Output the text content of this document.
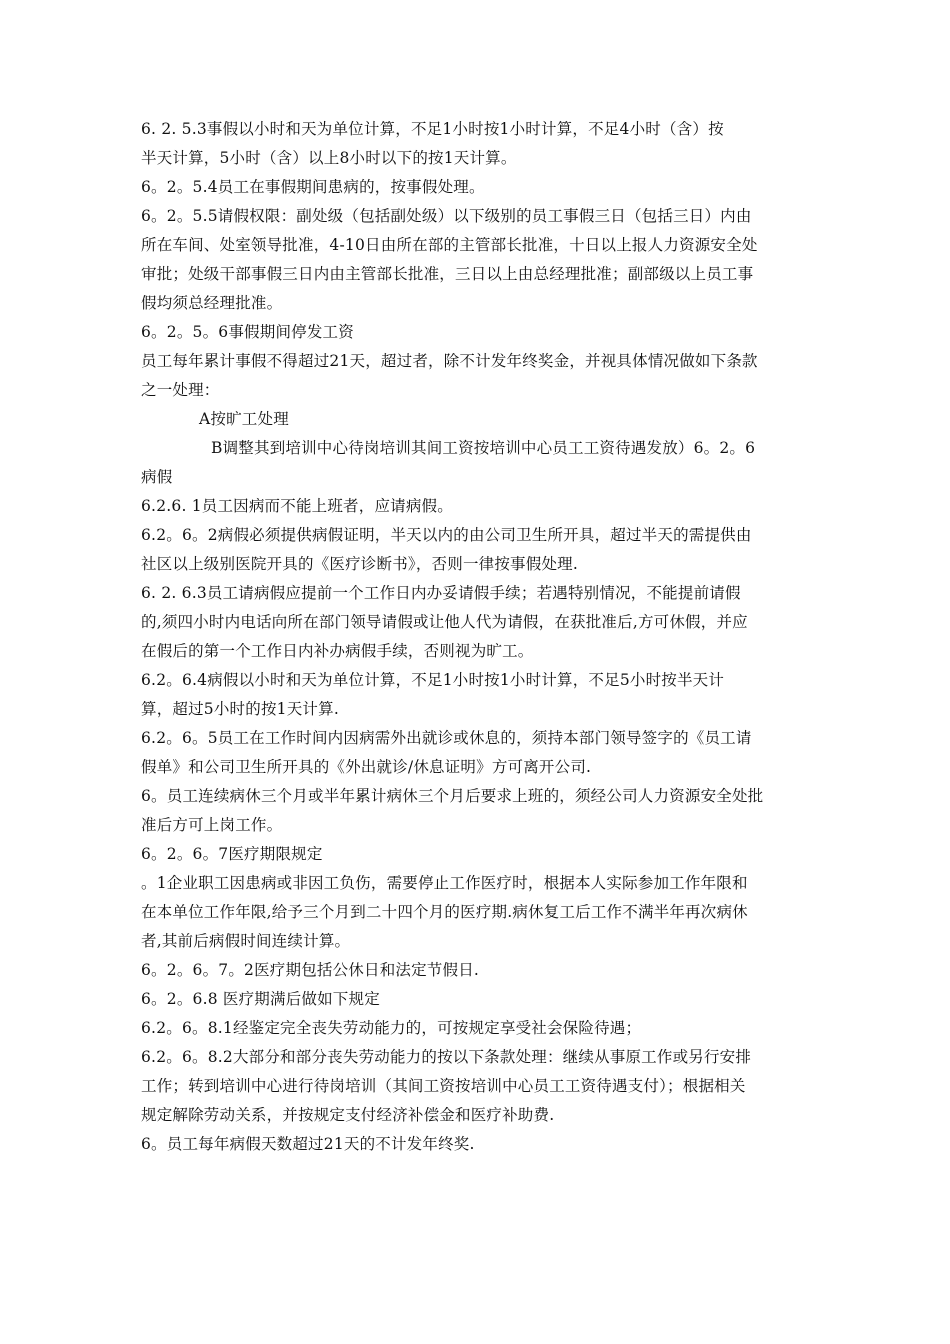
6. 2. 5.3事假以小时和天为单位计算，不足1小时按1小时计算，不足4小时（含）按
半天计算，5小时（含）以上8小时以下的按1天计算。
6。2。5.4员工在事假期间患病的，按事假处理。
6。2。5.5请假权限：副处级（包括副处级）以下级别的员工事假三日（包括三日）内由
所在车间、处室领导批准，4-10日由所在部的主管部长批准，十日以上报人力资源安全处
审批；处级干部事假三日内由主管部长批准，三日以上由总经理批准；副部级以上员工事
假均须总经理批准。
6。2。5。6事假期间停发工资
员工每年累计事假不得超过21天，超过者，除不计发年终奖金，并视具体情况做如下条款
之一处理：
A按旷工处理
B调整其到培训中心待岗培训其间工资按培训中心员工工资待遇发放）6。2。6
病假
6.2.6. 1员工因病而不能上班者，应请病假。
6.2。6。2病假必须提供病假证明，半天以内的由公司卫生所开具，超过半天的需提供由
社区以上级别医院开具的《医疗诊断书》，否则一律按事假处理.
6. 2. 6.3员工请病假应提前一个工作日内办妥请假手续；若遇特别情况，不能提前请假
的,须四小时内电话向所在部门领导请假或让他人代为请假，在获批准后,方可休假，并应
在假后的第一个工作日内补办病假手续，否则视为旷工。
6.2。6.4病假以小时和天为单位计算，不足1小时按1小时计算，不足5小时按半天计
算，超过5小时的按1天计算.
6.2。6。5员工在工作时间内因病需外出就诊或休息的，须持本部门领导签字的《员工请
假单》和公司卫生所开具的《外出就诊/休息证明》方可离开公司.
6。员工连续病休三个月或半年累计病休三个月后要求上班的，须经公司人力资源安全处批
准后方可上岗工作。
6。2。6。7医疗期限规定
。1企业职工因患病或非因工负伤，需要停止工作医疗时，根据本人实际参加工作年限和
在本单位工作年限,给予三个月到二十四个月的医疗期.病休复工后工作不满半年再次病休
者,其前后病假时间连续计算。
6。2。6。7。2医疗期包括公休日和法定节假日.
6。2。6.8 医疗期满后做如下规定
6.2。6。8.1经鉴定完全丧失劳动能力的，可按规定享受社会保险待遇；
6.2。6。8.2大部分和部分丧失劳动能力的按以下条款处理：继续从事原工作或另行安排
工作；转到培训中心进行待岗培训（其间工资按培训中心员工工资待遇支付）；根据相关
规定解除劳动关系，并按规定支付经济补偿金和医疗补助费.
6。员工每年病假天数超过21天的不计发年终奖.
